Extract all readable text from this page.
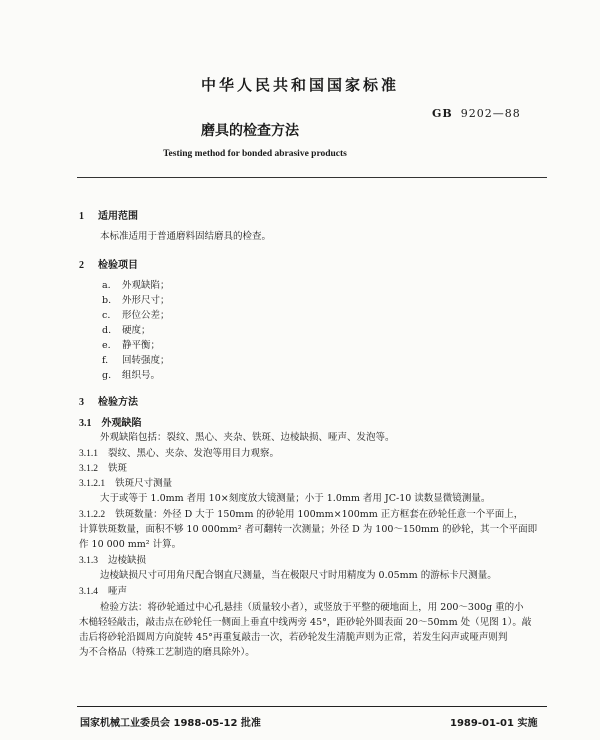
中华人民共和国国家标准
GB 9202—88
磨具的检查方法
Testing method for bonded abrasive products
1 适用范围
本标准适用于普通磨料固结磨具的检查。
2 检验项目
a. 外观缺陷；
b. 外形尺寸；
c. 形位公差；
d. 硬度；
e. 静平衡；
f. 回转强度；
g. 组织号。
3 检验方法
3.1 外观缺陷
外观缺陷包括：裂纹、黑心、夹杂、铁斑、边棱缺损、哑声、发泡等。
3.1.1 裂纹、黑心、夹杂、发泡等用目力观察。
3.1.2 铁斑
3.1.2.1 铁斑尺寸测量
大于或等于 1.0mm 者用 10×刻度放大镜测量；小于 1.0mm 者用 JC-10 读数显微镜测量。
3.1.2.2 铁斑数量：外径 D 大于 150mm 的砂轮用 100mm×100mm 正方框套在砂轮任意一个平面上，
计算铁斑数量，面积不够 10 000mm² 者可翻转一次测量；外径 D 为 100～150mm 的砂轮，其一个平面即
作 10 000 mm² 计算。
3.1.3 边棱缺损
边棱缺损尺寸可用角尺配合钢直尺测量，当在极限尺寸时用精度为 0.05mm 的游标卡尺测量。
3.1.4 哑声
检验方法：将砂轮通过中心孔悬挂（质量较小者），或竖放于平整的硬地面上，用 200～300g 重的小
木槌轻轻敲击，敲击点在砂轮任一侧面上垂直中线两旁 45°，距砂轮外圆表面 20～50mm 处（见图 1）。敲
击后将砂轮沿圆周方向旋转 45°再重复敲击一次，若砂轮发生清脆声则为正常，若发生闷声或哑声则判
为不合格品（特殊工艺制造的磨具除外）。
国家机械工业委员会 1988-05-12 批准	1989-01-01 实施
